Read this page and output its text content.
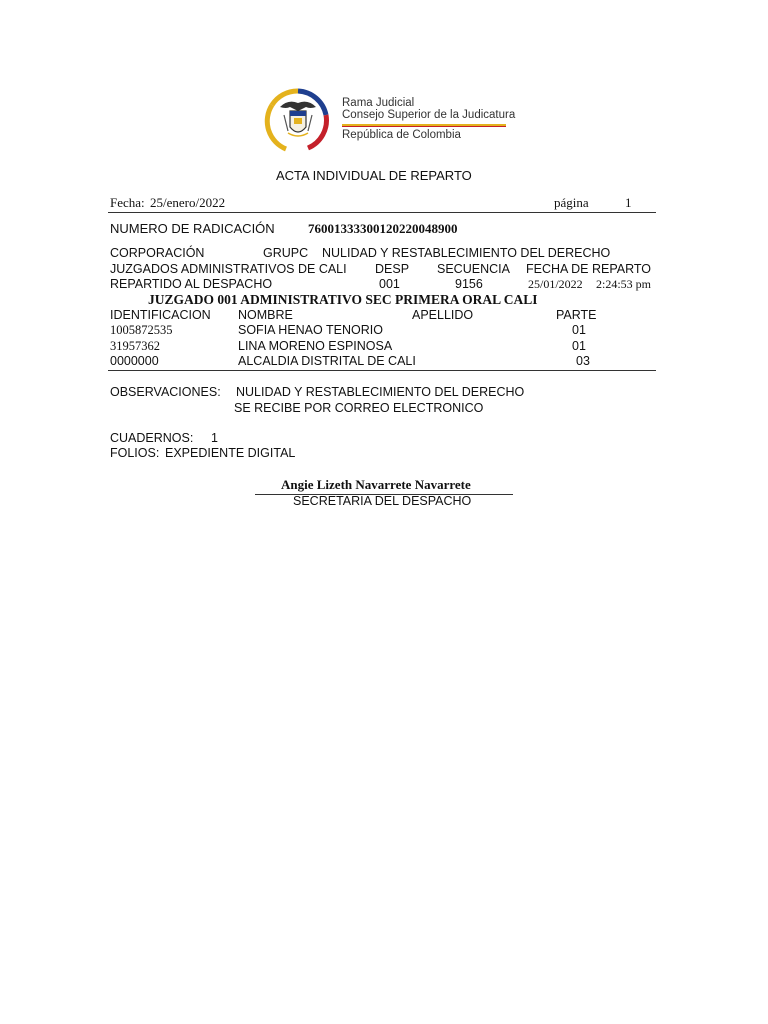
Rama Judicial
Consejo Superior de la Judicatura
República de Colombia
ACTA INDIVIDUAL DE REPARTO
Fecha: 25/enero/2022	página	1
NUMERO DE RADICACIÓN	76001333300120220048900
CORPORACIÓN	GRUPC NULIDAD Y RESTABLECIMIENTO DEL DERECHO
JUZGADOS ADMINISTRATIVOS DE CALI DESP SECUENCIA FECHA DE REPARTO
REPARTIDO AL DESPACHO	001	9156	25/01/2022 2:24:53 pm
JUZGADO 001 ADMINISTRATIVO SEC PRIMERA ORAL CALI
IDENTIFICACION NOMBRE	APELLIDO	PARTE
1005872535	SOFIA HENAO TENORIO	01
31957362	LINA MORENO ESPINOSA	01
0000000	ALCALDIA DISTRITAL DE CALI	03
OBSERVACIONES: NULIDAD Y RESTABLECIMIENTO DEL DERECHO
SE RECIBE POR CORREO ELECTRONICO
CUADERNOS: 1
FOLIOS: EXPEDIENTE DIGITAL
Angie Lizeth Navarrete Navarrete
SECRETARIA DEL DESPACHO
